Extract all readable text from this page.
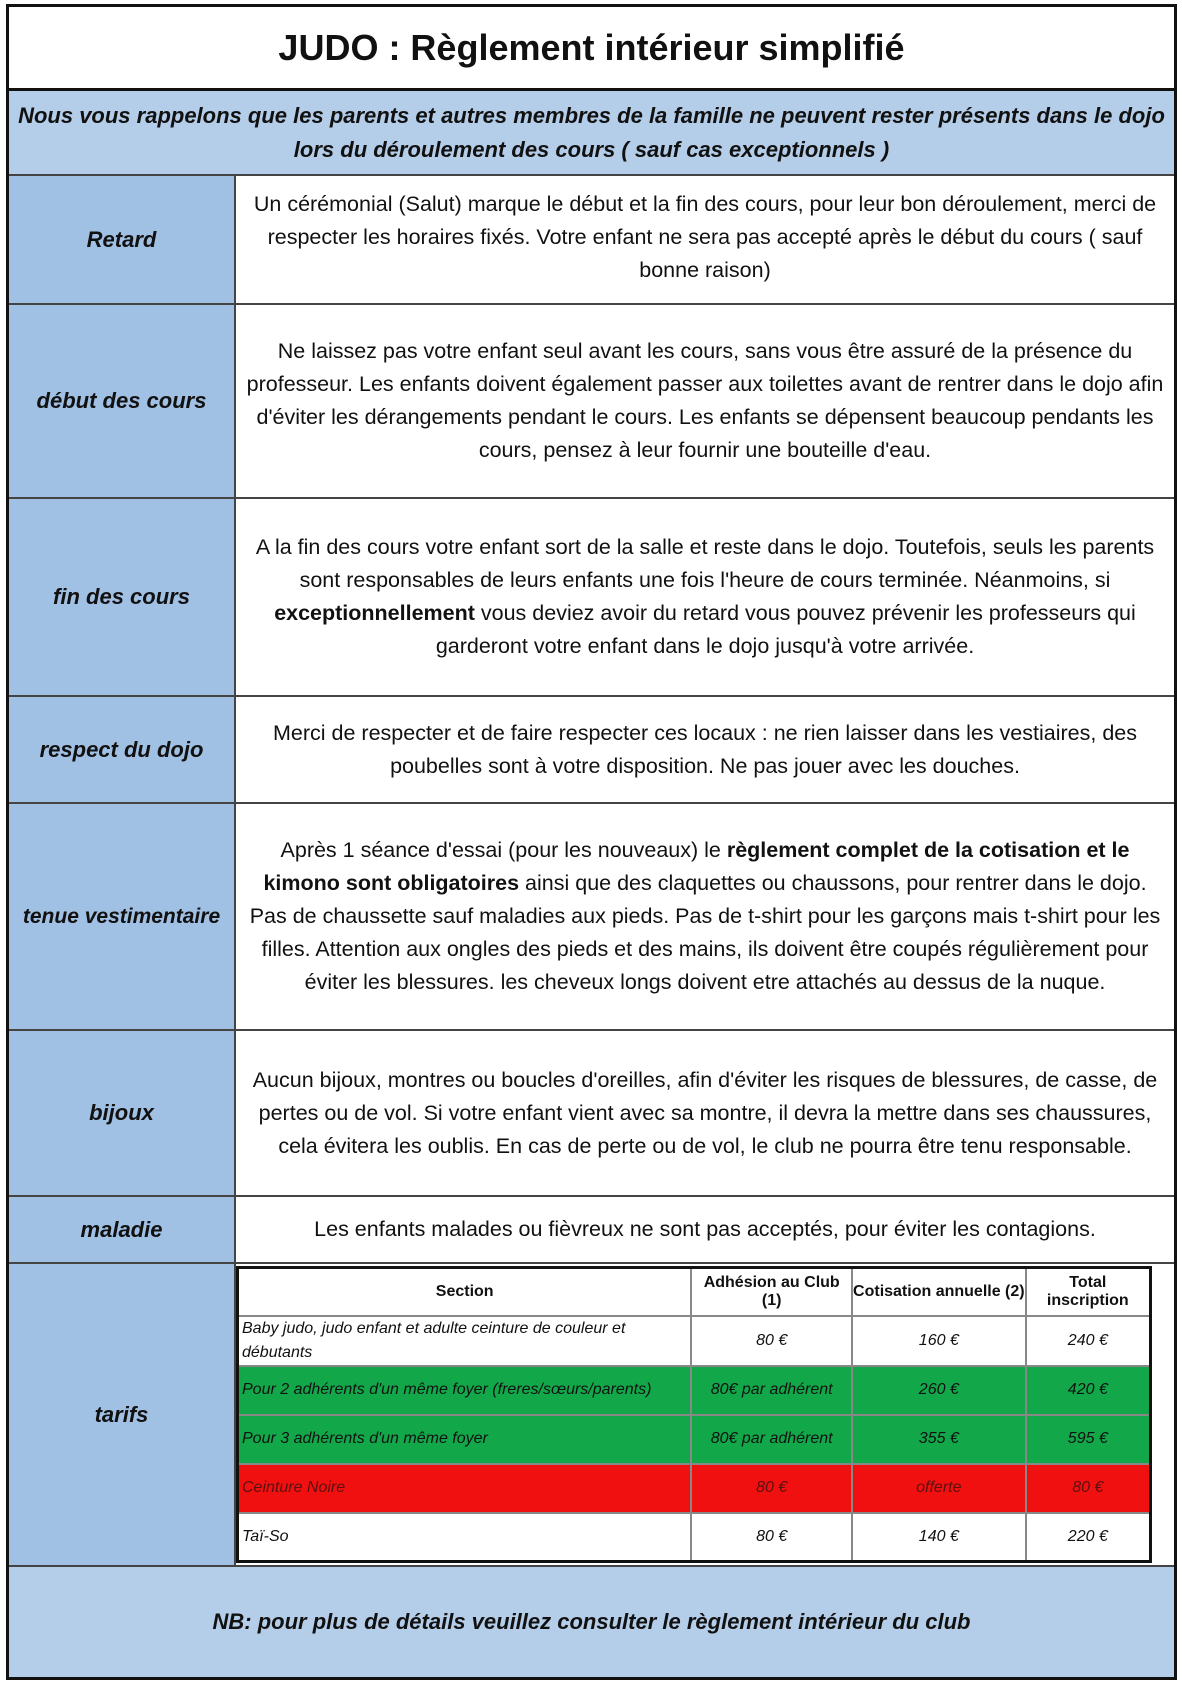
JUDO : Règlement intérieur simplifié
Nous vous rappelons que les parents et autres membres de la famille ne peuvent rester présents dans le dojo
lors du déroulement des cours ( sauf cas exceptionnels )
Retard
Un cérémonial (Salut) marque le début et la fin des cours, pour leur bon déroulement, merci de respecter les horaires fixés. Votre enfant ne sera pas accepté après le début du cours ( sauf bonne raison)
début des cours
Ne laissez pas votre enfant seul avant les cours, sans vous être assuré de la présence du professeur. Les enfants doivent également passer aux toilettes avant de rentrer dans le dojo afin d'éviter les dérangements pendant le cours. Les enfants se dépensent beaucoup pendants les cours, pensez à leur fournir une bouteille d'eau.
fin des cours
A la fin des cours votre enfant sort de la salle et reste dans le dojo. Toutefois, seuls les parents sont responsables de leurs enfants une fois l'heure de cours terminée. Néanmoins, si exceptionnellement vous deviez avoir du retard vous pouvez prévenir les professeurs qui garderont votre enfant dans le dojo jusqu'à votre arrivée.
respect du dojo
Merci de respecter et de faire respecter ces locaux : ne rien laisser dans les vestiaires, des poubelles sont à votre disposition. Ne pas jouer avec les douches.
tenue vestimentaire
Après 1 séance d'essai (pour les nouveaux) le règlement complet de la cotisation et le kimono sont obligatoires ainsi que des claquettes ou chaussons, pour rentrer dans le dojo. Pas de chaussette sauf maladies aux pieds. Pas de t-shirt pour les garçons mais t-shirt pour les filles. Attention aux ongles des pieds et des mains, ils doivent être coupés régulièrement pour éviter les blessures. les cheveux longs doivent etre attachés au dessus de la nuque.
bijoux
Aucun bijoux, montres ou boucles d'oreilles, afin d'éviter les risques de blessures, de casse, de pertes ou de vol. Si votre enfant vient avec sa montre, il devra la mettre dans ses chaussures, cela évitera les oublis. En cas de perte ou de vol, le club ne pourra être tenu responsable.
maladie	Les enfants malades ou fièvreux ne sont pas acceptés, pour éviter les contagions.
tarifs
Section	Adhésion au Club (1)	Cotisation annuelle (2)	Total inscription
Baby judo, judo enfant et adulte ceinture de couleur et débutants	80 €	160 €	240 €
Pour 2 adhérents d'un même foyer (freres/sœurs/parents)	80€ par adhérent	260 €	420 €
Pour 3 adhérents d'un même foyer	80€ par adhérent	355 €	595 €
Ceinture Noire	80 €	offerte	80 €
Taï-So	80 €	140 €	220 €
NB: pour plus de détails veuillez consulter le règlement intérieur du club
